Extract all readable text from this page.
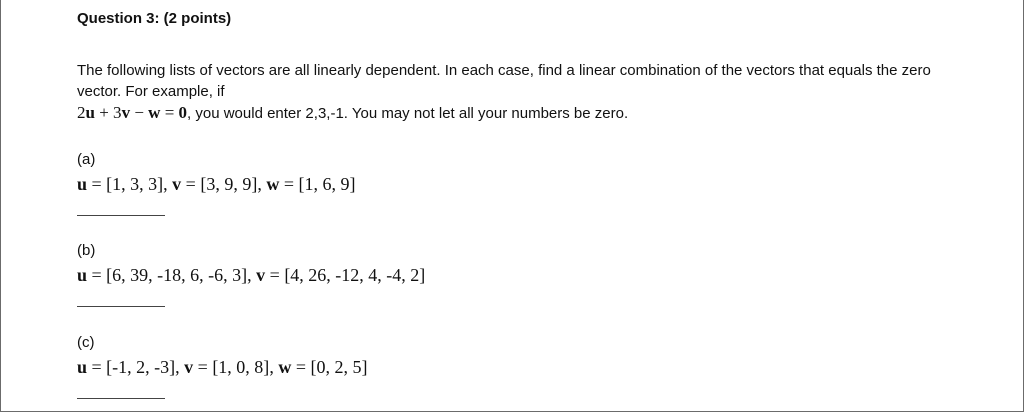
Question 3: (2 points)
The following lists of vectors are all linearly dependent. In each case, find a linear combination of the vectors that equals the zero vector. For example, if
2u + 3v − w = 0, you would enter 2,3,-1. You may not let all your numbers be zero.
(a)
u = [1, 3, 3], v = [3, 9, 9], w = [1, 6, 9]
(b)
u = [6, 39, -18, 6, -6, 3], v = [4, 26, -12, 4, -4, 2]
(c)
u = [-1, 2, -3], v = [1, 0, 8], w = [0, 2, 5]
